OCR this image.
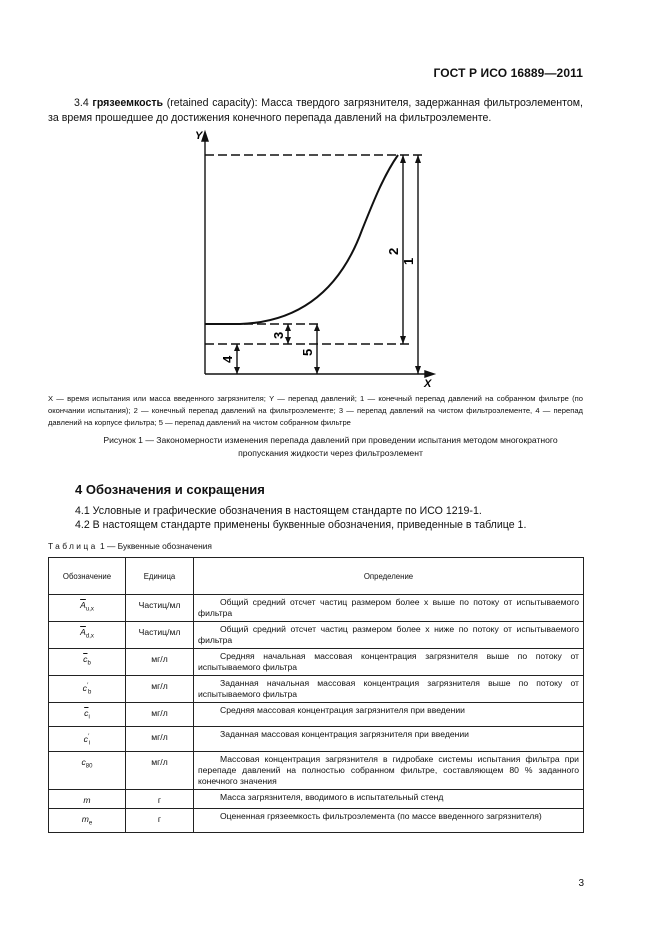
ГОСТ Р ИСО 16889—2011
3.4 грязеемкость (retained capacity): Масса твердого загрязнителя, задержанная фильтроэлементом, за время прошедшее до достижения конечного перепада давлений на фильтроэлементе.
Y
X
1
2
3
4
5
X — время испытания или масса введенного загрязнителя; Y — перепад давлений; 1 — конечный перепад давлений на собранном фильтре (по окончании испытания); 2 — конечный перепад давлений на фильтроэлементе; 3 — перепад давлений на чистом фильтроэлементе, 4 — перепад давлений на корпусе фильтра; 5 — перепад давлений на чистом собранном фильтре
Рисунок 1 — Закономерности изменения перепада давлений при проведении испытания методом многократного
пропускания жидкости через фильтроэлемент
4 Обозначения и сокращения
4.1 Условные и графические обозначения в настоящем стандарте по ИСО 1219-1.
4.2 В настоящем стандарте применены буквенные обозначения, приведенные в таблице 1.
Таблица 1 — Буквенные обозначения
Обозначение	Единица	Определение
$\overline{A}_{u,x}$	Частиц/мл	Общий средний отсчет частиц размером более x выше по потоку от испытываемого фильтра
$\overline{A}_{d,x}$	Частиц/мл	Общий средний отсчет частиц размером более x ниже по потоку от испытываемого фильтра
$\overline{c}_b$	мг/л	Средняя начальная массовая концентрация загрязнителя выше по потоку от испытываемого фильтра
$c'_b$	мг/л	Заданная начальная массовая концентрация загрязнителя выше по потоку от испытываемого фильтра
$\overline{c}_i$	мг/л	Средняя массовая концентрация загрязнителя при введении
$c'_i$	мг/л	Заданная массовая концентрация загрязнителя при введении
$c_{80}$	мг/л	Массовая концентрация загрязнителя в гидробаке системы испытания фильтра при перепаде давлений на полностью собранном фильтре, составляющем 80 % заданного конечного значения
m	г	Масса загрязнителя, вводимого в испытательный стенд
$m_e$	г	Оцененная грязеемкость фильтроэлемента (по массе введенного загрязнителя)
3
